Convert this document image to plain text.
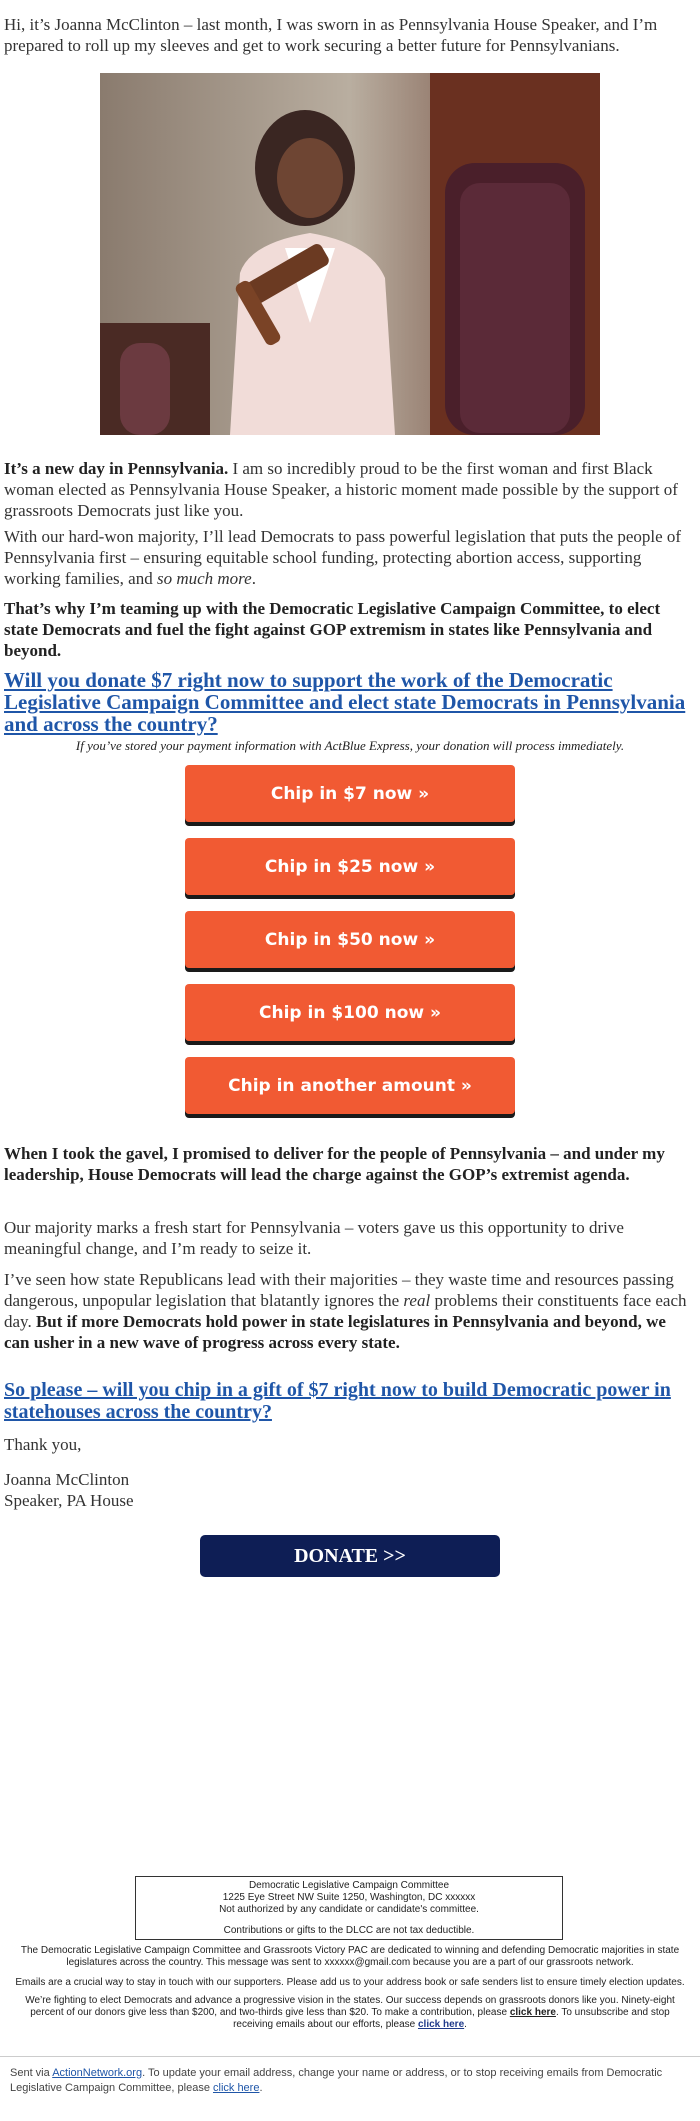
Hi, it’s Joanna McClinton – last month, I was sworn in as Pennsylvania House Speaker, and I’m prepared to roll up my sleeves and get to work securing a better future for Pennsylvanians.

It’s a new day in Pennsylvania. I am so incredibly proud to be the first woman and first Black woman elected as Pennsylvania House Speaker, a historic moment made possible by the support of grassroots Democrats just like you.

With our hard-won majority, I’ll lead Democrats to pass powerful legislation that puts the people of Pennsylvania first – ensuring equitable school funding, protecting abortion access, supporting working families, and so much more.

That’s why I’m teaming up with the Democratic Legislative Campaign Committee, to elect state Democrats and fuel the fight against GOP extremism in states like Pennsylvania and beyond.

Will you donate $7 right now to support the work of the Democratic Legislative Campaign Committee and elect state Democrats in Pennsylvania and across the country?

If you’ve stored your payment information with ActBlue Express, your donation will process immediately.

Chip in $7 now »
Chip in $25 now »
Chip in $50 now »
Chip in $100 now »
Chip in another amount »

When I took the gavel, I promised to deliver for the people of Pennsylvania – and under my leadership, House Democrats will lead the charge against the GOP’s extremist agenda.

Our majority marks a fresh start for Pennsylvania – voters gave us this opportunity to drive meaningful change, and I’m ready to seize it.

I’ve seen how state Republicans lead with their majorities – they waste time and resources passing dangerous, unpopular legislation that blatantly ignores the real problems their constituents face each day. But if more Democrats hold power in state legislatures in Pennsylvania and beyond, we can usher in a new wave of progress across every state.

So please – will you chip in a gift of $7 right now to build Democratic power in statehouses across the country?

Thank you,

Joanna McClinton

Speaker, PA House

DONATE >>
Democratic Legislative Campaign Committee
1225 Eye Street NW Suite 1250, Washington, DC xxxxxx
Not authorized by any candidate or candidate's committee.
Contributions or gifts to the DLCC are not tax deductible.

The Democratic Legislative Campaign Committee and Grassroots Victory PAC are dedicated to winning and defending Democratic majorities in state legislatures across the country. This message was sent to xxxxxx@gmail.com because you are a part of our grassroots network.

Emails are a crucial way to stay in touch with our supporters. Please add us to your address book or safe senders list to ensure timely election updates.

We’re fighting to elect Democrats and advance a progressive vision in the states. Our success depends on grassroots donors like you. Ninety-eight percent of our donors give less than $200, and two-thirds give less than $20. To make a contribution, please click here. To unsubscribe and stop receiving emails about our efforts, please click here.

Sent via ActionNetwork.org. To update your email address, change your name or address, or to stop receiving emails from Democratic Legislative Campaign Committee, please click here.
